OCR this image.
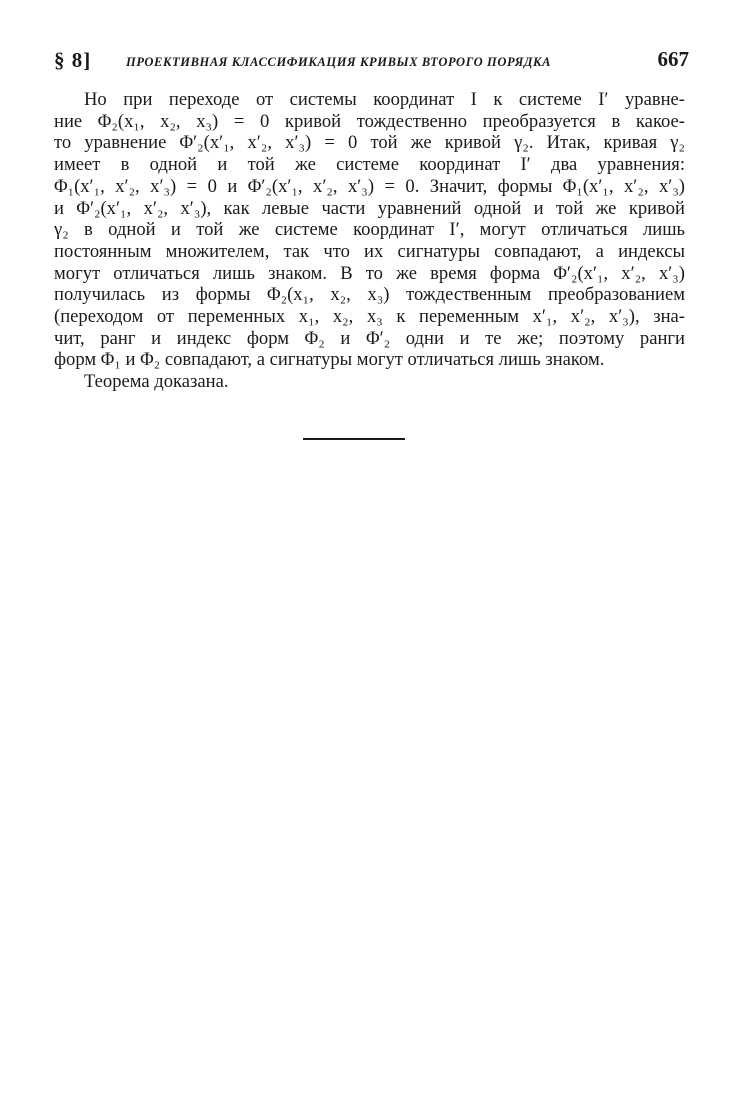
§ 8]	ПРОЕКТИВНАЯ КЛАССИФИКАЦИЯ КРИВЫХ ВТОРОГО ПОРЯДКА	667
Но при переходе от системы координат I к системе I′ уравне-
ние Φ₂(x₁, x₂, x₃) = 0 кривой тождественно преобразуется в какое-
то уравнение Φ′₂(x′₁, x′₂, x′₃) = 0 той же кривой γ₂. Итак, кривая γ₂
имеет в одной и той же системе координат I′ два уравнения:
Φ₁(x′₁, x′₂, x′₃) = 0 и Φ′₂(x′₁, x′₂, x′₃) = 0. Значит, формы Φ₁(x′₁, x′₂, x′₃)
и Φ′₂(x′₁, x′₂, x′₃), как левые части уравнений одной и той же кривой
γ₂ в одной и той же системе координат I′, могут отличаться лишь
постоянным множителем, так что их сигнатуры совпадают, а индексы
могут отличаться лишь знаком. В то же время форма Φ′₂(x′₁, x′₂, x′₃)
получилась из формы Φ₂(x₁, x₂, x₃) тождественным преобразованием
(переходом от переменных x₁, x₂, x₃ к переменным x′₁, x′₂, x′₃), зна-
чит, ранг и индекс форм Φ₂ и Φ′₂ одни и те же; поэтому ранги
форм Φ₁ и Φ₂ совпадают, а сигнатуры могут отличаться лишь знаком.
Теорема доказана.
